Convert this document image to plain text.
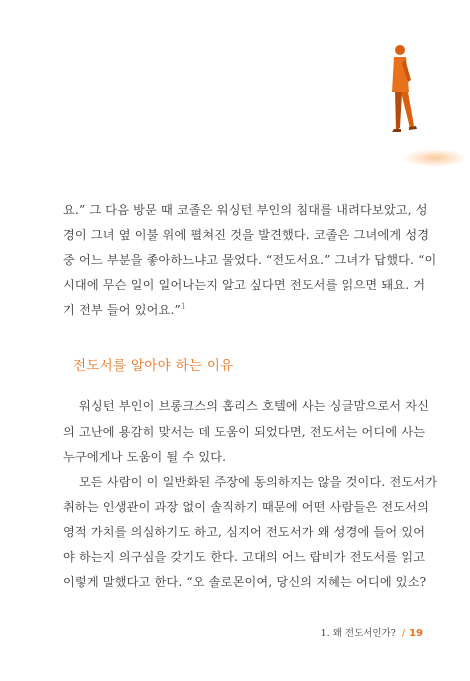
요.” 그 다음 방문 때 코졸은 워싱턴 부인의 침대를 내려다보았고, 성

경이 그녀 옆 이불 위에 펼쳐진 것을 발견했다. 코졸은 그녀에게 성경

중 어느 부분을 좋아하느냐고 물었다. “전도서요.” 그녀가 답했다. “이

시대에 무슨 일이 일어나는지 알고 싶다면 전도서를 읽으면 돼요. 거

기 전부 들어 있어요.”$^1$

전도서를 알아야 하는 이유

워싱턴 부인이 브롱크스의 홉리스 호텔에 사는 싱글맘으로서 자신

의 고난에 용감히 맞서는 데 도움이 되었다면, 전도서는 어디에 사는

누구에게나 도움이 될 수 있다.

모든 사람이 이 일반화된 주장에 동의하지는 않을 것이다. 전도서가

취하는 인생관이 과장 없이 솔직하기 때문에 어떤 사람들은 전도서의

영적 가치를 의심하기도 하고, 심지어 전도서가 왜 성경에 들어 있어

야 하는지 의구심을 갖기도 한다. 고대의 어느 랍비가 전도서를 읽고

이렇게 말했다고 한다. “오 솔로몬이여, 당신의 지혜는 어디에 있소?

1. 왜 전도서인가? / 19
